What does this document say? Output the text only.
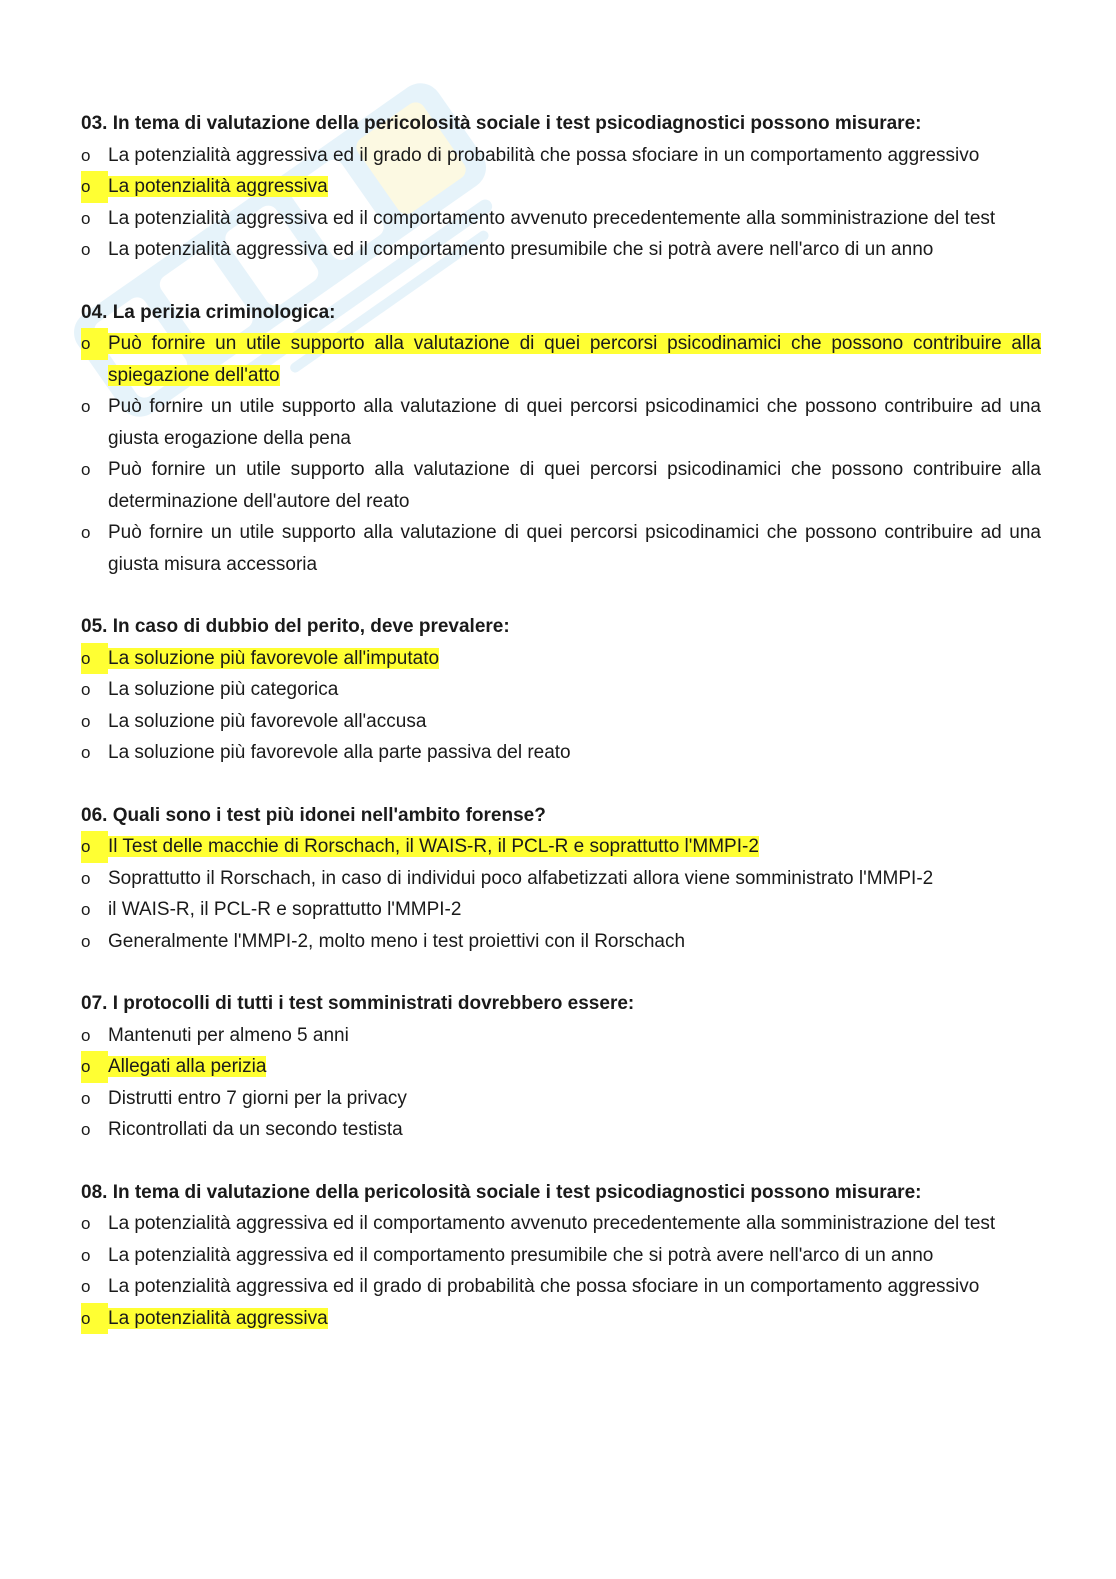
03. In tema di valutazione della pericolosità sociale i test psicodiagnostici possono misurare:
o La potenzialità aggressiva ed il grado di probabilità che possa sfociare in un comportamento aggressivo
o La potenzialità aggressiva
o La potenzialità aggressiva ed il comportamento avvenuto precedentemente alla somministrazione del test
o La potenzialità aggressiva ed il comportamento presumibile che si potrà avere nell'arco di un anno
04. La perizia criminologica:
o Può fornire un utile supporto alla valutazione di quei percorsi psicodinamici che possono contribuire alla spiegazione dell'atto
o Può fornire un utile supporto alla valutazione di quei percorsi psicodinamici che possono contribuire ad una giusta erogazione della pena
o Può fornire un utile supporto alla valutazione di quei percorsi psicodinamici che possono contribuire alla determinazione dell'autore del reato
o Può fornire un utile supporto alla valutazione di quei percorsi psicodinamici che possono contribuire ad una giusta misura accessoria
05. In caso di dubbio del perito, deve prevalere:
o La soluzione più favorevole all'imputato
o La soluzione più categorica
o La soluzione più favorevole all'accusa
o La soluzione più favorevole alla parte passiva del reato
06. Quali sono i test più idonei nell'ambito forense?
o Il Test delle macchie di Rorschach, il WAIS-R, il PCL-R e soprattutto l'MMPI-2
o Soprattutto il Rorschach, in caso di individui poco alfabetizzati allora viene somministrato l'MMPI-2
o il WAIS-R, il PCL-R e soprattutto l'MMPI-2
o Generalmente l'MMPI-2, molto meno i test proiettivi con il Rorschach
07. I protocolli di tutti i test somministrati dovrebbero essere:
o Mantenuti per almeno 5 anni
o Allegati alla perizia
o Distrutti entro 7 giorni per la privacy
o Ricontrollati da un secondo testista
08. In tema di valutazione della pericolosità sociale i test psicodiagnostici possono misurare:
o La potenzialità aggressiva ed il comportamento avvenuto precedentemente alla somministrazione del test
o La potenzialità aggressiva ed il comportamento presumibile che si potrà avere nell'arco di un anno
o La potenzialità aggressiva ed il grado di probabilità che possa sfociare in un comportamento aggressivo
o La potenzialità aggressiva
